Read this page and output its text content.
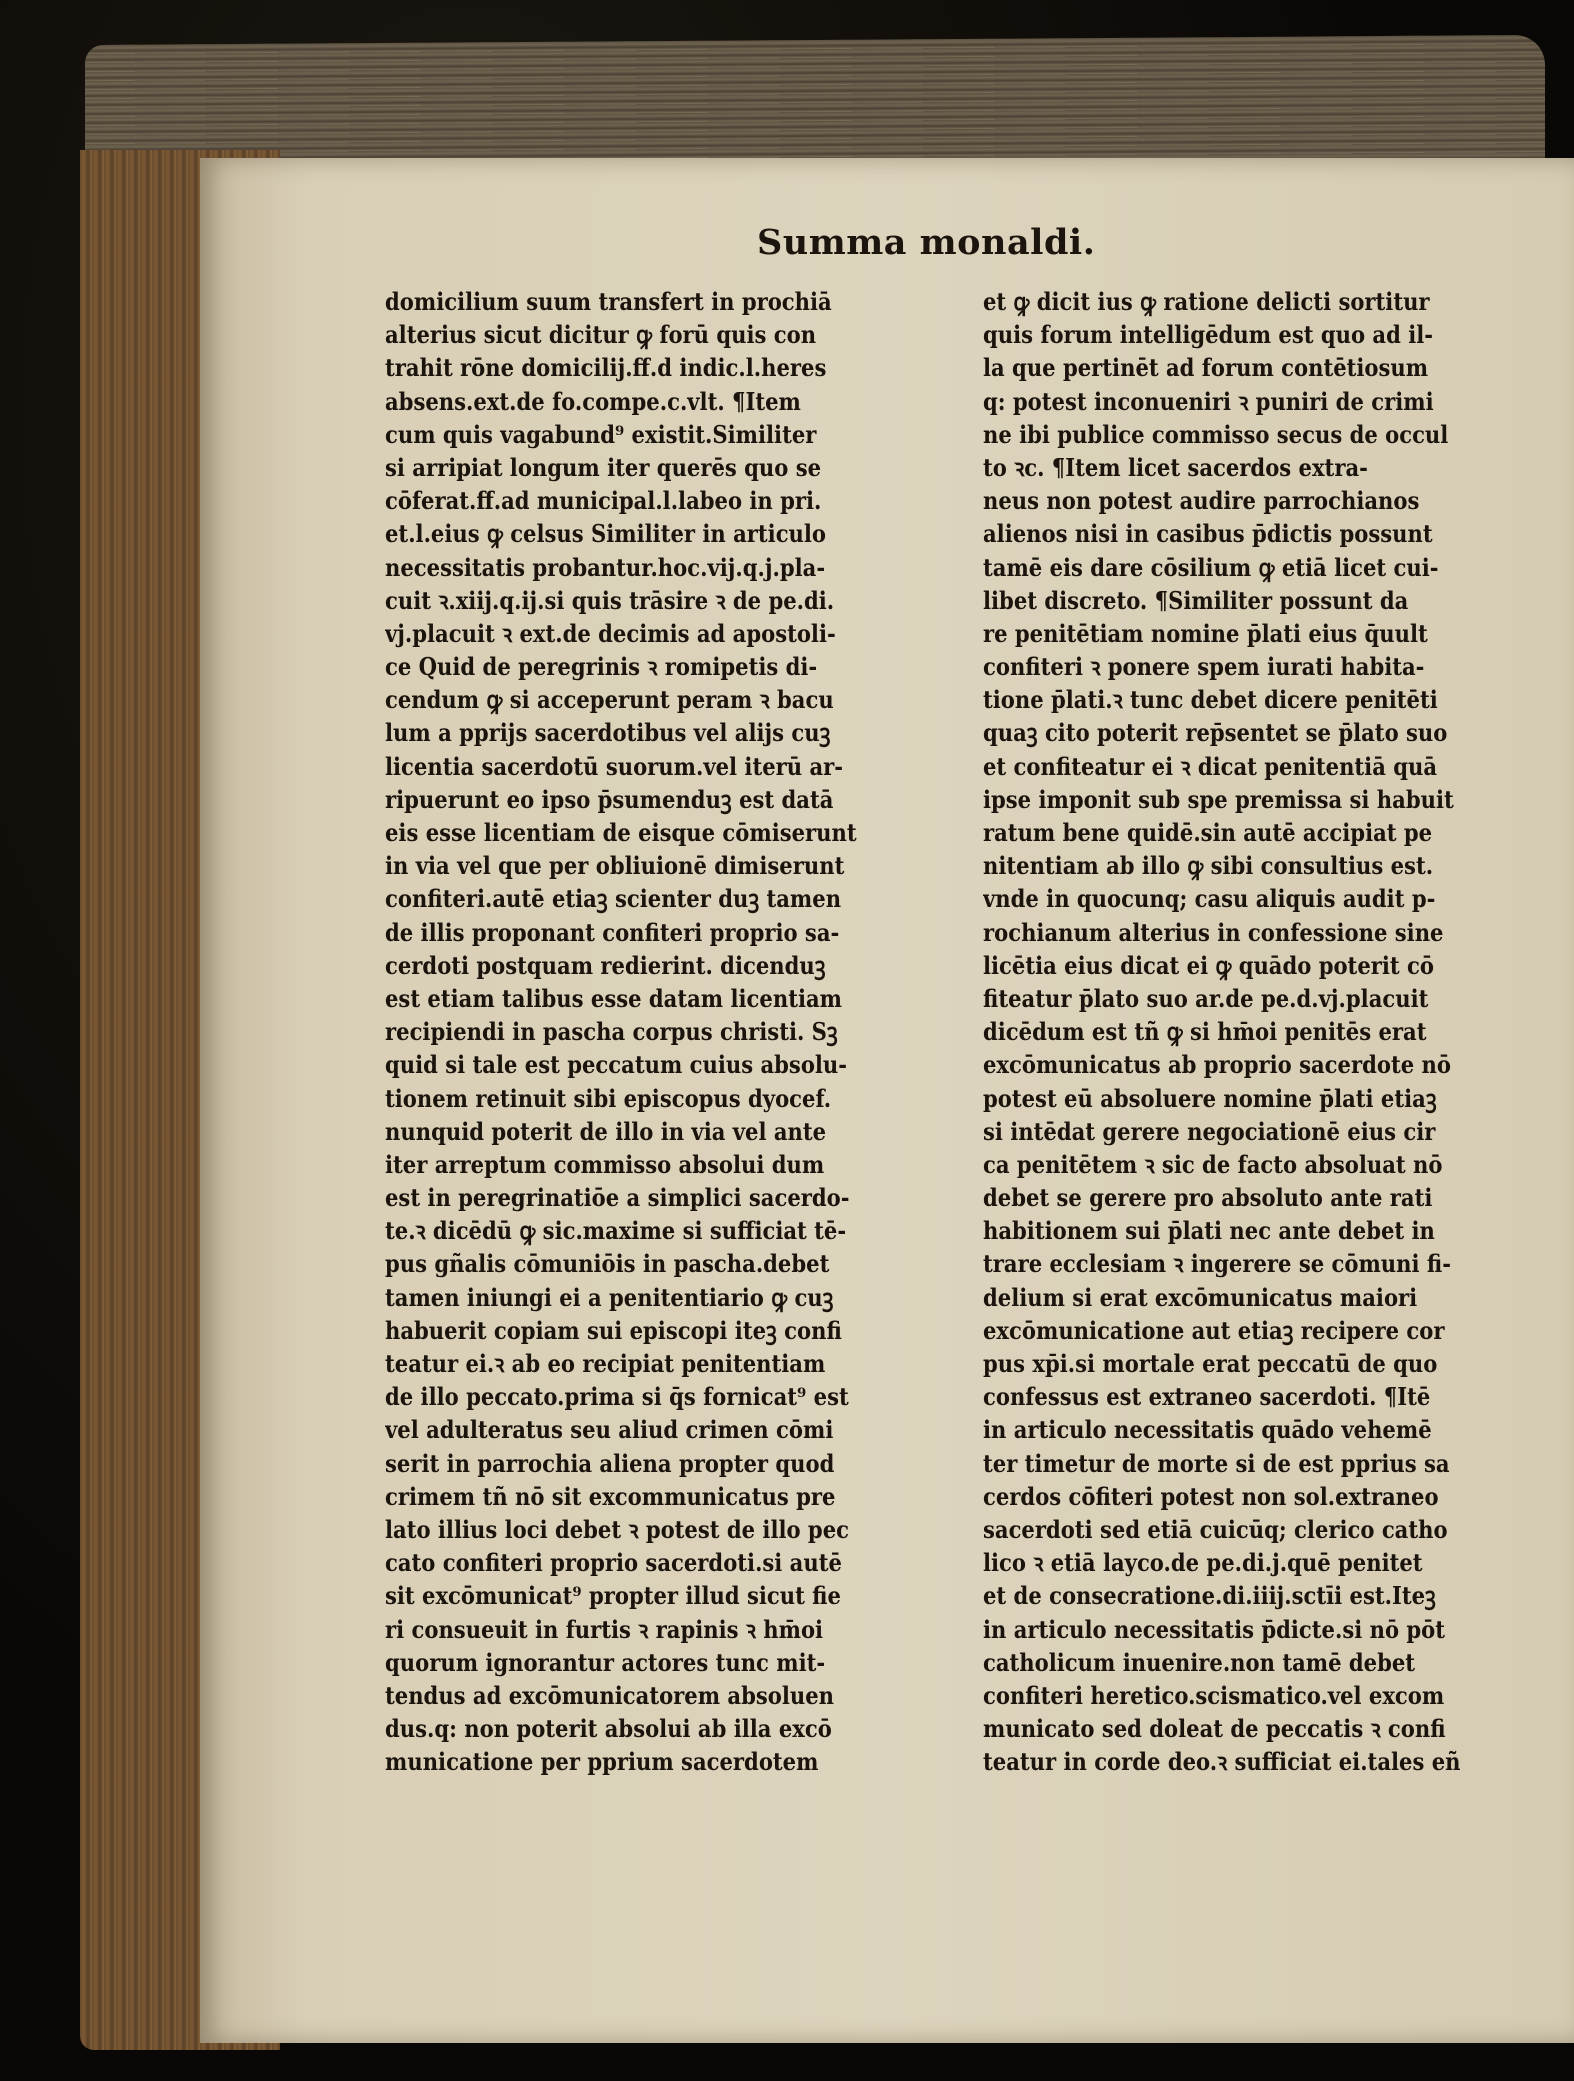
Summa monaldi.
domicilium suum transfert in prochiā
alterius sicut dicitur ꝙ forū quis con
trahit rōne domicilij.ff.d indic.l.heres
absens.ext.de fo.compe.c.vlt. ¶Item
cum quis vagabund⁹ existit.Similiter
si arripiat longum iter querēs quo se
cōferat.ff.ad municipal.l.labeo in pri.
et.l.eius ꝙ celsus Similiter in articulo
necessitatis probantur.hoc.vij.q.j.pla-
cuit ꝛ.xiij.q.ij.si quis trāsire ꝛ de pe.di.
vj.placuit ꝛ ext.de decimis ad apostoli-
ce Quid de peregrinis ꝛ romipetis di-
cendum ꝙ si acceperunt peram ꝛ bacu
lum a pprijs sacerdotibus vel alijs cuꝫ
licentia sacerdotū suorum.vel iterū ar-
ripuerunt eo ipso p̄sumenduꝫ est datā
eis esse licentiam de eisque cōmiserunt
in via vel que per obliuionē dimiserunt
confiteri.autē etiaꝫ scienter duꝫ tamen
de illis proponant confiteri proprio sa-
cerdoti postquam redierint. dicenduꝫ
est etiam talibus esse datam licentiam
recipiendi in pascha corpus christi. Sꝫ
quid si tale est peccatum cuius absolu-
tionem retinuit sibi episcopus dyocef.
nunquid poterit de illo in via vel ante
iter arreptum commisso absolui dum
est in peregrinatiōe a simplici sacerdo-
te.ꝛ dicēdū ꝙ sic.maxime si sufficiat tē-
pus gñalis cōmuniōis in pascha.debet
tamen iniungi ei a penitentiario ꝙ cuꝫ
habuerit copiam sui episcopi iteꝫ confi
teatur ei.ꝛ ab eo recipiat penitentiam
de illo peccato.prima si q̄s fornicat⁹ est
vel adulteratus seu aliud crimen cōmi
serit in parrochia aliena propter quod
crimem tñ nō sit excommunicatus pre
lato illius loci debet ꝛ potest de illo pec
cato confiteri proprio sacerdoti.si autē
sit excōmunicat⁹ propter illud sicut fie
ri consueuit in furtis ꝛ rapinis ꝛ hm̄oi
quorum ignorantur actores tunc mit-
tendus ad excōmunicatorem absoluen
dus.q: non poterit absolui ab illa excō
municatione per pprium sacerdotem
et ꝙ dicit ius ꝙ ratione delicti sortitur
quis forum intelligēdum est quo ad il-
la que pertinēt ad forum contētiosum
q: potest inconueniri ꝛ puniri de crimi
ne ibi publice commisso secus de occul
to ꝛc. ¶Item licet sacerdos extra-
neus non potest audire parrochianos
alienos nisi in casibus p̄dictis possunt
tamē eis dare cōsilium ꝙ etiā licet cui-
libet discreto. ¶Similiter possunt da
re penitētiam nomine p̄lati eius q̄uult
confiteri ꝛ ponere spem iurati habita-
tione p̄lati.ꝛ tunc debet dicere penitēti
quaꝫ cito poterit rep̄sentet se p̄lato suo
et confiteatur ei ꝛ dicat penitentiā quā
ipse imponit sub spe premissa si habuit
ratum bene quidē.sin autē accipiat pe
nitentiam ab illo ꝙ sibi consultius est.
vnde in quocunq; casu aliquis audit p-
rochianum alterius in confessione sine
licētia eius dicat ei ꝙ quādo poterit cō
fiteatur p̄lato suo ar.de pe.d.vj.placuit
dicēdum est tñ ꝙ si hm̄oi penitēs erat
excōmunicatus ab proprio sacerdote nō
potest eū absoluere nomine p̄lati etiaꝫ
si intēdat gerere negociationē eius cir
ca penitētem ꝛ sic de facto absoluat nō
debet se gerere pro absoluto ante rati
habitionem sui p̄lati nec ante debet in
trare ecclesiam ꝛ ingerere se cōmuni fi-
delium si erat excōmunicatus maiori
excōmunicatione aut etiaꝫ recipere cor
pus xp̄i.si mortale erat peccatū de quo
confessus est extraneo sacerdoti. ¶Itē
in articulo necessitatis quādo vehemē
ter timetur de morte si de est pprius sa
cerdos cōfiteri potest non sol.extraneo
sacerdoti sed etiā cuicūq; clerico catho
lico ꝛ etiā layco.de pe.di.j.quē penitet
et de consecratione.di.iiij.sctīi est.Iteꝫ
in articulo necessitatis p̄dicte.si nō pōt
catholicum inuenire.non tamē debet
confiteri heretico.scismatico.vel excom
municato sed doleat de peccatis ꝛ confi
teatur in corde deo.ꝛ sufficiat ei.tales eñ
